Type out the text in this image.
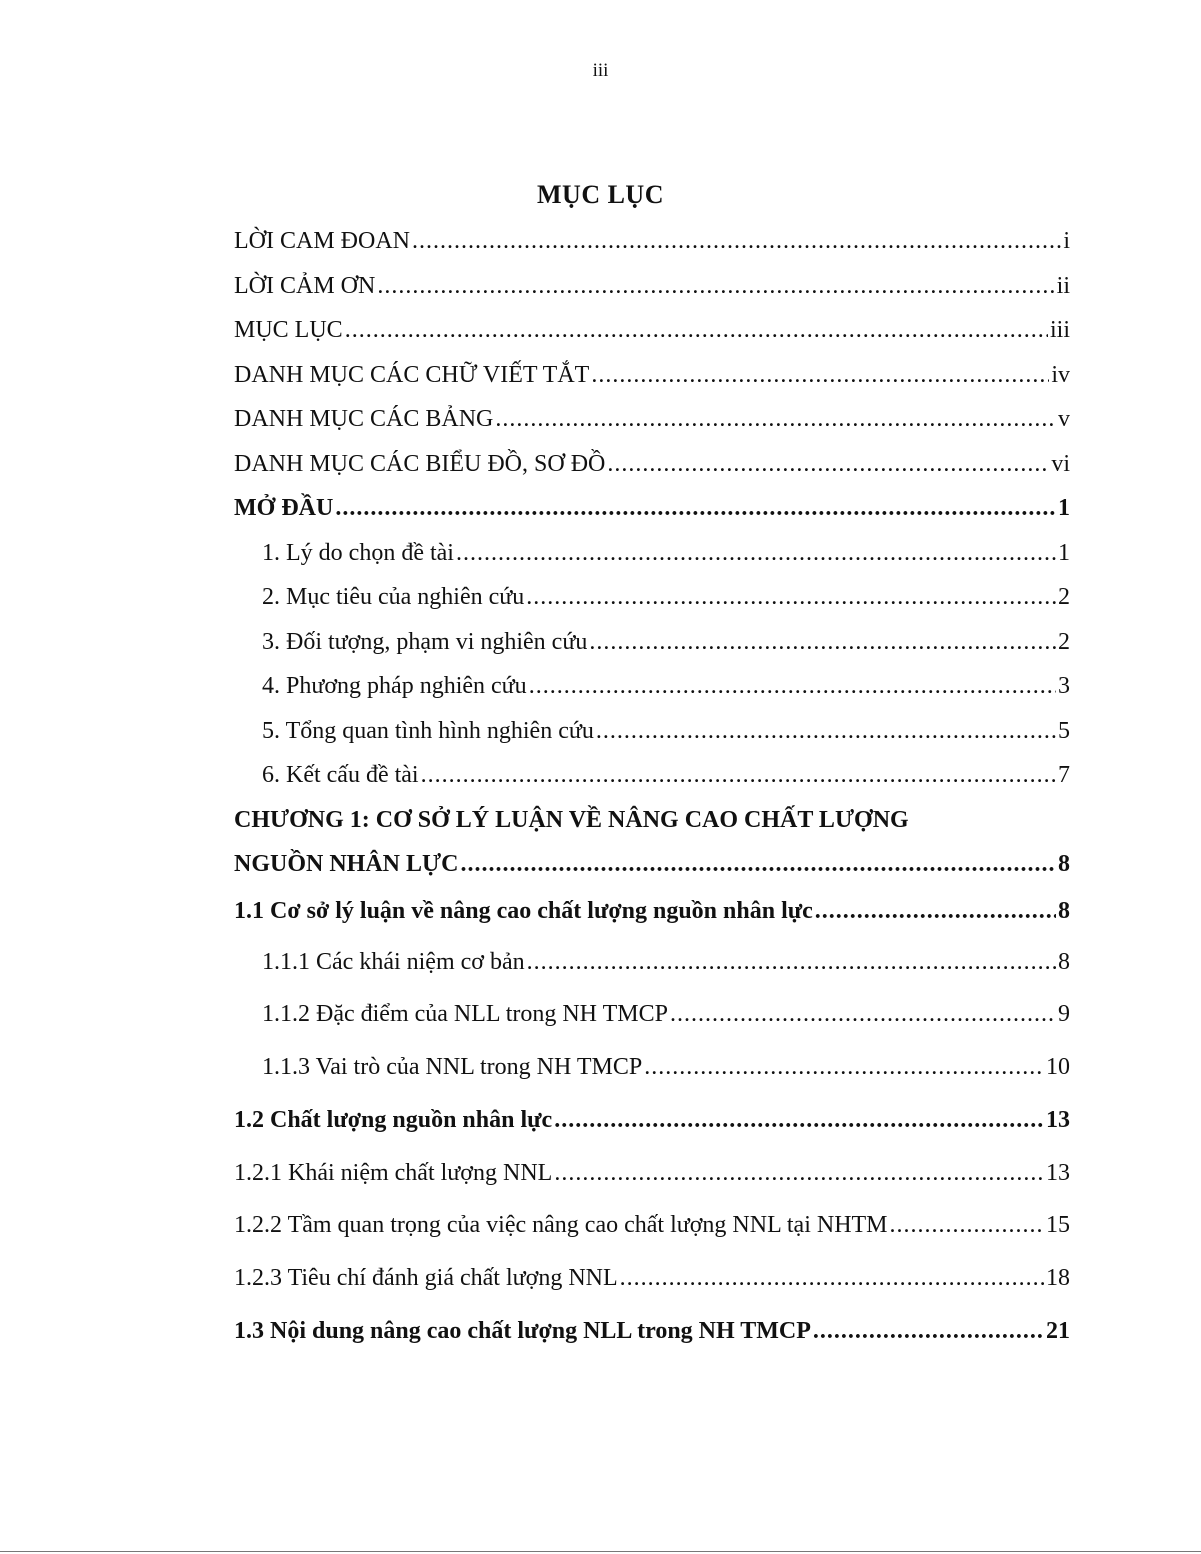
iii
MỤC LỤC
LỜI CAM ĐOAN .....	i
LỜI CẢM ƠN .....	ii
MỤC LỤC .....	iii
DANH MỤC CÁC CHỮ VIẾT TẮT .....	iv
DANH MỤC CÁC BẢNG .....	v
DANH MỤC CÁC BIỂU ĐỒ, SƠ ĐỒ .....	vi
MỞ ĐẦU .....	1
1. Lý do chọn đề tài .....	1
2. Mục tiêu của nghiên cứu .....	2
3. Đối tượng, phạm vi nghiên cứu .....	2
4. Phương pháp nghiên cứu .....	3
5. Tổng quan tình hình nghiên cứu .....	5
6. Kết cấu đề tài .....	7
CHƯƠNG 1: CƠ SỞ LÝ LUẬN VỀ NÂNG CAO CHẤT LƯỢNG
NGUỒN NHÂN LỰC .....	8
1.1 Cơ sở lý luận về nâng cao chất lượng nguồn nhân lực .....	8
1.1.1 Các khái niệm cơ bản .....	8
1.1.2 Đặc điểm của NLL trong NH TMCP .....	9
1.1.3 Vai trò của NNL trong NH TMCP .....	10
1.2 Chất lượng nguồn nhân lực .....	13
1.2.1 Khái niệm chất lượng NNL .....	13
1.2.2 Tầm quan trọng của việc nâng cao chất lượng NNL tại NHTM .....	15
1.2.3 Tiêu chí đánh giá chất lượng NNL .....	18
1.3 Nội dung nâng cao chất lượng NLL trong NH TMCP .....	21
